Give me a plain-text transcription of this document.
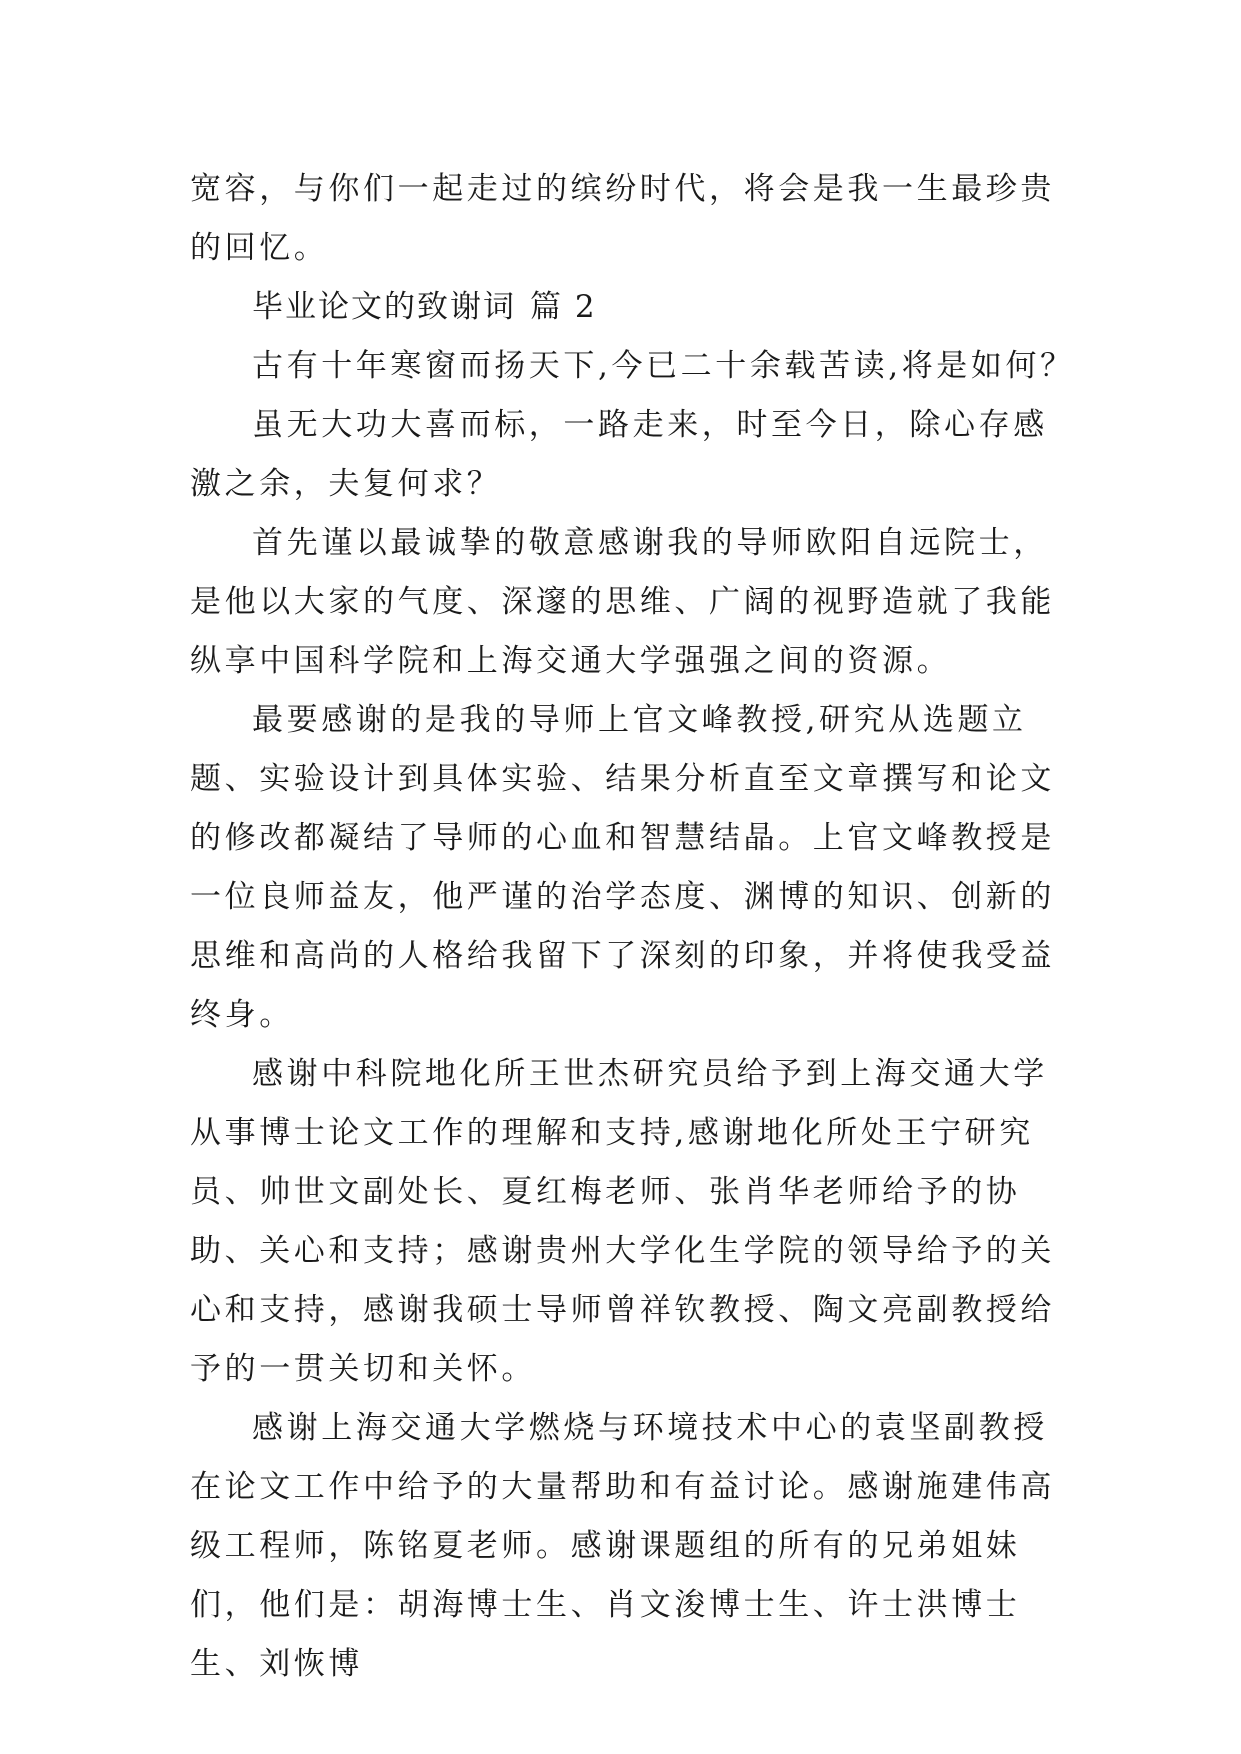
宽容，与你们一起走过的缤纷时代，将会是我一生最珍贵的回忆。

毕业论文的致谢词 篇 2

古有十年寒窗而扬天下,今已二十余载苦读,将是如何？

虽无大功大喜而标，一路走来，时至今日，除心存感激之余，夫复何求？

首先谨以最诚挚的敬意感谢我的导师欧阳自远院士，是他以大家的气度、深邃的思维、广阔的视野造就了我能纵享中国科学院和上海交通大学强强之间的资源。

最要感谢的是我的导师上官文峰教授,研究从选题立题、实验设计到具体实验、结果分析直至文章撰写和论文的修改都凝结了导师的心血和智慧结晶。上官文峰教授是一位良师益友，他严谨的治学态度、渊博的知识、创新的思维和高尚的人格给我留下了深刻的印象，并将使我受益终身。

感谢中科院地化所王世杰研究员给予到上海交通大学从事博士论文工作的理解和支持,感谢地化所处王宁研究员、帅世文副处长、夏红梅老师、张肖华老师给予的协助、关心和支持；感谢贵州大学化生学院的领导给予的关心和支持，感谢我硕士导师曾祥钦教授、陶文亮副教授给予的一贯关切和关怀。

感谢上海交通大学燃烧与环境技术中心的袁坚副教授在论文工作中给予的大量帮助和有益讨论。感谢施建伟高级工程师，陈铭夏老师。感谢课题组的所有的兄弟姐妹们，他们是：胡海博士生、肖文浚博士生、许士洪博士生、刘恢博
